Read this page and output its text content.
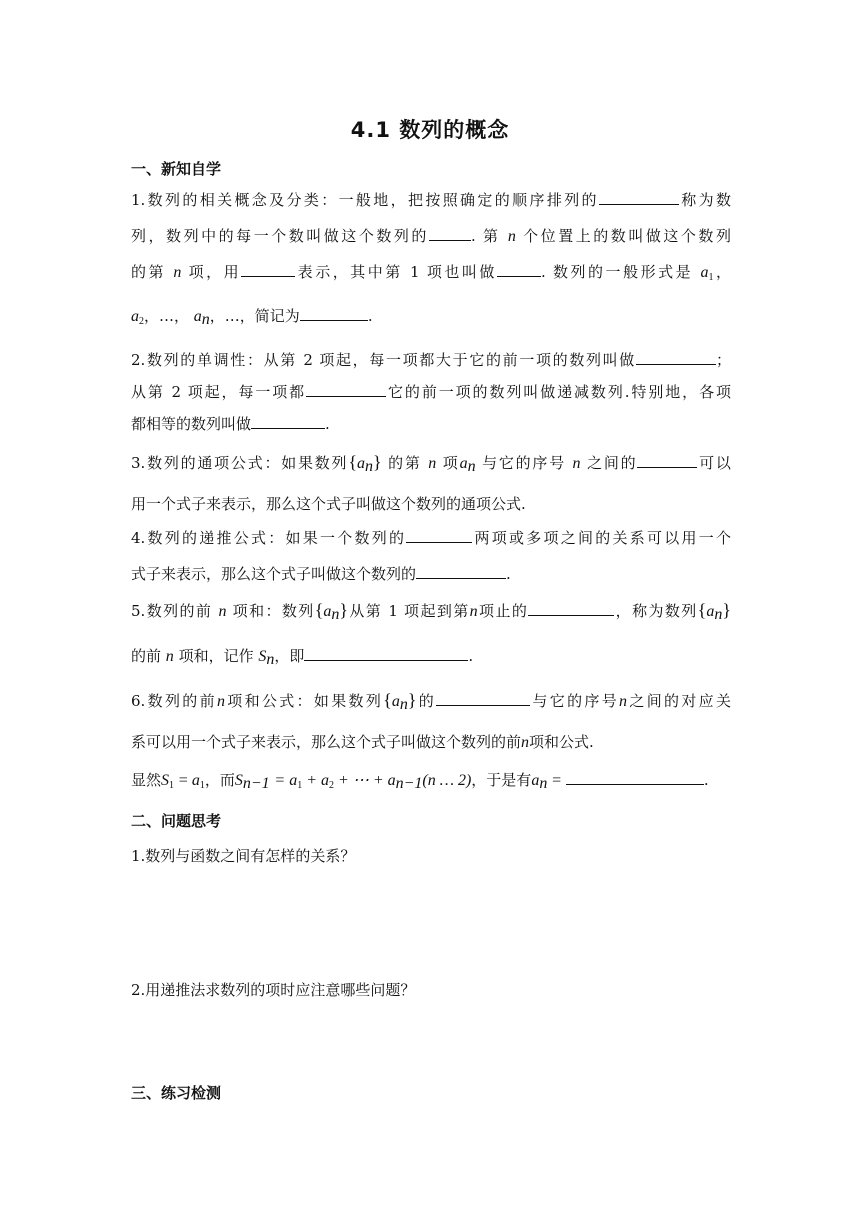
4.1 数列的概念
一、新知自学
1.数列的相关概念及分类：一般地，把按照确定的顺序排列的	称为数
列，数列中的每一个数叫做这个数列的	. 第 n 个位置上的数叫做这个数列
的第 n 项，用	表示，其中第 1 项也叫做	. 数列的一般形式是 $a_1$，
$a_2$，…， $a_n$，…，简记为	.
2.数列的单调性：从第 2 项起，每一项都大于它的前一项的数列叫做	；
从第 2 项起，每一项都	它的前一项的数列叫做递减数列.特别地，各项
都相等的数列叫做	.
3.数列的通项公式：如果数列$\{a_n\}$ 的第 n 项$a_n$ 与它的序号 n 之间的	可以
用一个式子来表示，那么这个式子叫做这个数列的通项公式.
4.数列的递推公式：如果一个数列的	两项或多项之间的关系可以用一个
式子来表示，那么这个式子叫做这个数列的	.
5.数列的前 n 项和：数列$\{a_n\}$从第 1 项起到第n项止的	，称为数列$\{a_n\}$
的前 n 项和，记作 $S_n$，即	.
6.数列的前n项和公式：如果数列$\{a_n\}$的	与它的序号n之间的对应关
系可以用一个式子来表示，那么这个式子叫做这个数列的前n项和公式.
显然$S_1 = a_1$，而$S_{n-1} = a_1 + a_2$ + ⋯ + $a_{n-1}(n$ … 2)，于是有$a_n$ =	.
二、问题思考
1.数列与函数之间有怎样的关系？
2.用递推法求数列的项时应注意哪些问题？
三、练习检测
